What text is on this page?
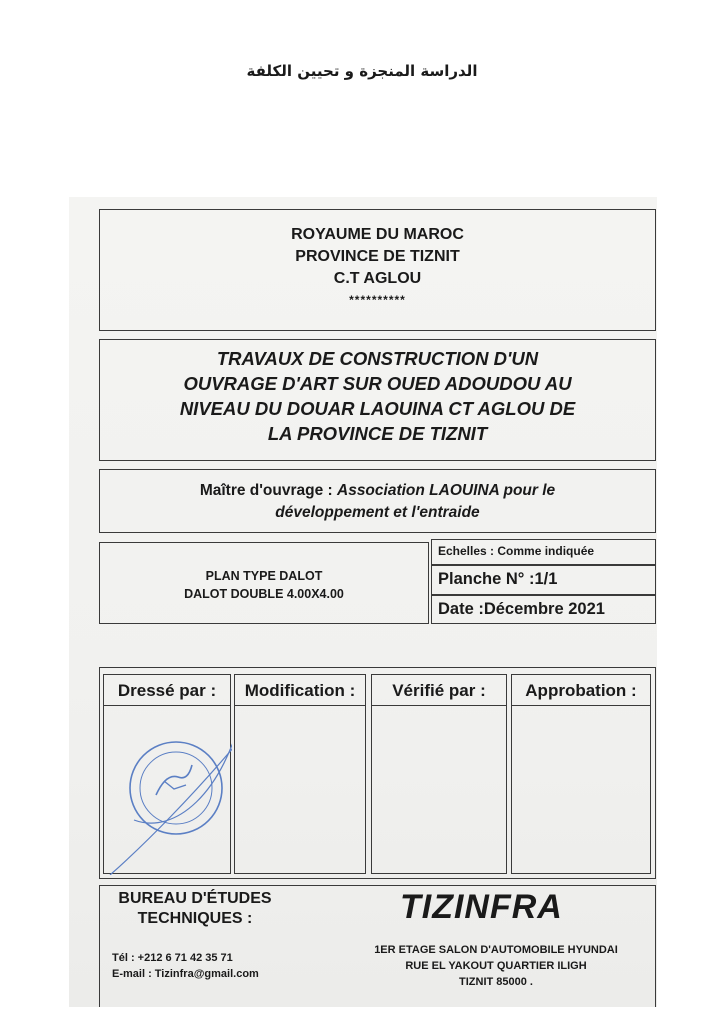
الدراسة المنجزة و تحيين الكلفة
ROYAUME DU MAROC
PROVINCE DE TIZNIT
C.T AGLOU
**********
TRAVAUX DE CONSTRUCTION D'UN
OUVRAGE D'ART SUR OUED ADOUDOU AU
NIVEAU DU DOUAR LAOUINA CT AGLOU DE
LA PROVINCE DE TIZNIT
Maître d'ouvrage : Association LAOUINA pour le
développement et l'entraide
PLAN TYPE DALOT
DALOT DOUBLE 4.00X4.00
Echelles : Comme indiquée
Planche N° :1/1
Date :Décembre 2021
Dressé par :	Modification :	Vérifié par :	Approbation :
BUREAU D'ÉTUDES
TECHNIQUES :	TIZINFRA
Tél : +212 6 71 42 35 71
E-mail : Tizinfra@gmail.com
1ER ETAGE SALON D'AUTOMOBILE HYUNDAI
RUE EL YAKOUT QUARTIER ILIGH
TIZNIT 85000 .
